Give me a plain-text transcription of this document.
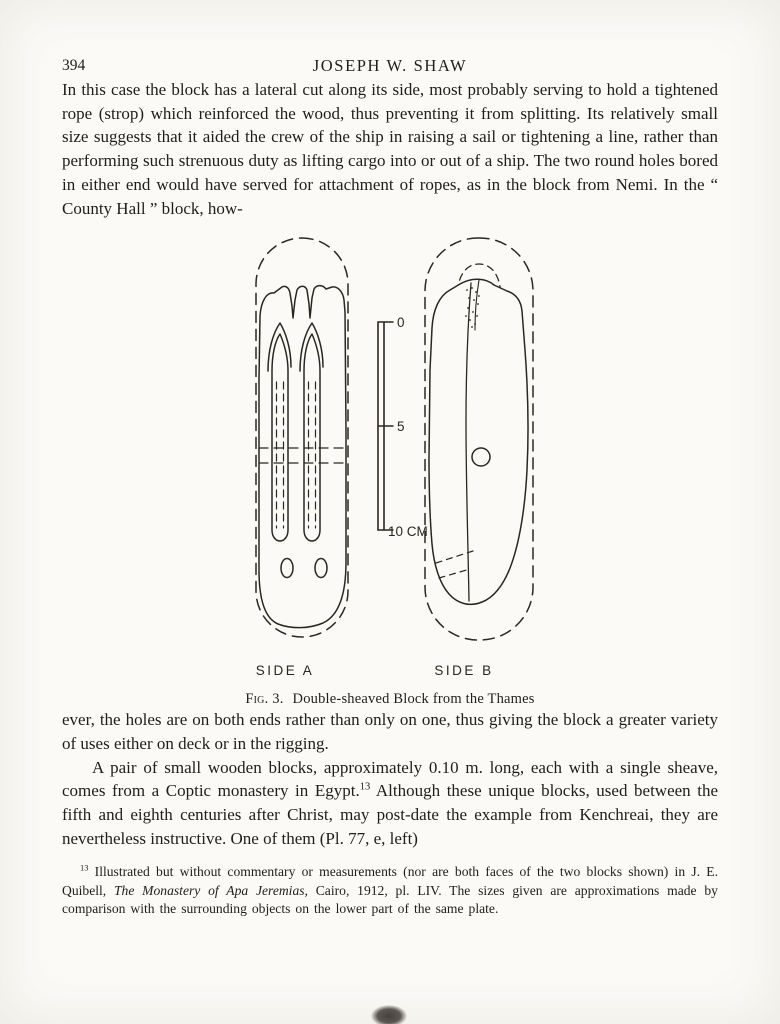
394	JOSEPH W. SHAW

In this case the block has a lateral cut along its side, most probably serving to hold a tightened rope (strop) which reinforced the wood, thus preventing it from splitting. Its relatively small size suggests that it aided the crew of the ship in raising a sail or tightening a line, rather than performing such strenuous duty as lifting cargo into or out of a ship. The two round holes bored in either end would have served for attachment of ropes, as in the block from Nemi. In the “ County Hall ” block, how-

0
5
10 CM
SIDE A	SIDE B
Fig. 3. Double-sheaved Block from the Thames

ever, the holes are on both ends rather than only on one, thus giving the block a greater variety of uses either on deck or in the rigging.

A pair of small wooden blocks, approximately 0.10 m. long, each with a single sheave, comes from a Coptic monastery in Egypt.$^{13}$ Although these unique blocks, used between the fifth and eighth centuries after Christ, may post-date the example from Kenchreai, they are nevertheless instructive. One of them (Pl. 77, e, left)

$^{13}$ Illustrated but without commentary or measurements (nor are both faces of the two blocks shown) in J. E. Quibell, The Monastery of Apa Jeremias, Cairo, 1912, pl. LIV. The sizes given are approximations made by comparison with the surrounding objects on the lower part of the same plate.
